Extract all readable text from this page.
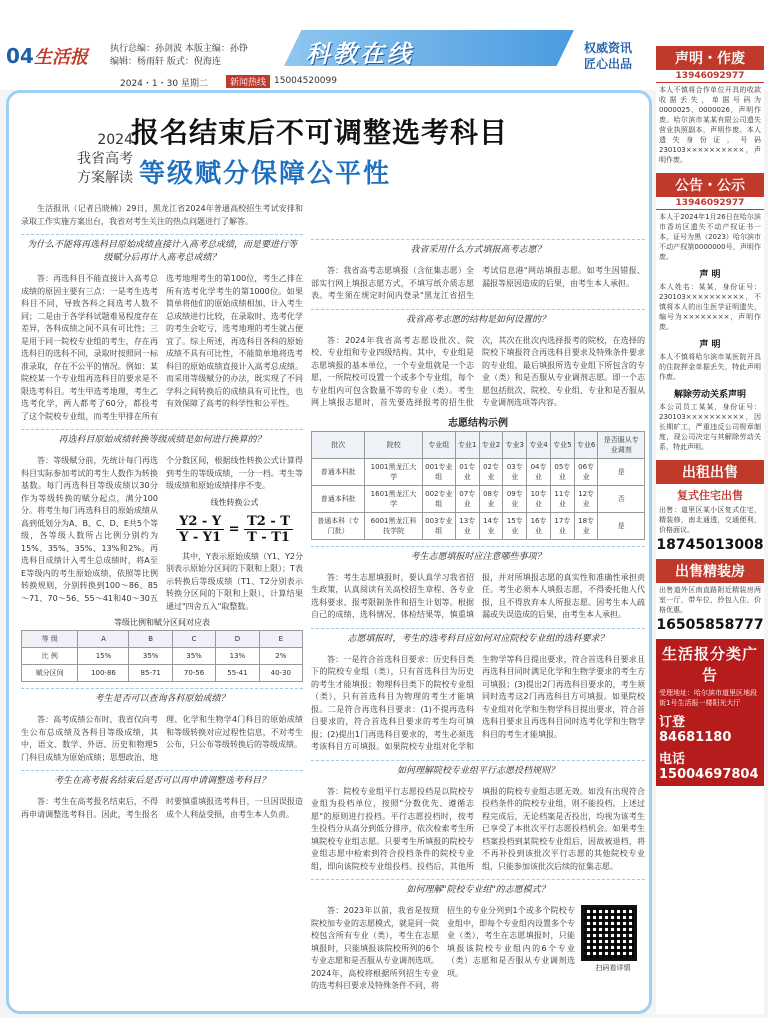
04 生活报 执行总编：孙剑波 本版主编：孙铮
编辑：杨雨轩 版式：倪海连	科教在线	权威资讯
匠心出品
2024・1・30 星期二	新闻热线 15004520099
2024
我省高考
方案解读
报名结束后不可调整选考科目
等级赋分保障公平性
生活报讯（记者吕晓楠）29日，黑龙江省2024年普通高校招生考试安排和录取工作实施方案出台，我省对考生关注的热点问题进行了解答。
为什么不能将再选科目原始成绩直接计入高考总成绩，而是要进行等级赋分后再计入高考总成绩？
答：再选科目不能直接计入高考总成绩的原因主要有三点：一是考生选考科目不同，导致各科之间选考人数不同；二是由于各学科试题难易程度存在差异，各科成绩之间不具有可比性；三是用于同一院校专业组的考生，存在再选科目的选科不同，录取时按照同一标准录取，存在不公平的情况。例如：某院校某一个专业组再选科目的要求是不限选考科目。考生甲选考地理，考生乙选考化学，两人都考了60分，都投考了这个院校专业组，而考生甲排在所有选考地理考生的第100位，考生乙排在所有选考化学考生的第1000位。如果简单将他们的原始成绩相加，计入考生总成绩进行比较，在录取时，选考化学的考生会吃亏，选考地理的考生就占便宜了。综上所述，再选科目各科的原始成绩不具有可比性，不能简单地将选考科目的原始成绩直接计入高考总成绩。而采用等级赋分的办法，既实现了不同学科之间转换后的成绩具有可比性，也有效保障了高考的科学性和公平性。
再选科目原始成绩转换等级成绩是如何进行换算的？
答：等级赋分前，先统计每门再选科目实际参加考试的考生人数作为转换基数。每门再选科目等级成绩以30分作为等级转换的赋分起点，满分100分。将考生每门再选科目的原始成绩从高到低划分为A、B、C、D、E共5个等级，各等级人数所占比例分别约为15%、35%、35%、13%和2%。再选科目成绩计入考生总成绩时，将A至E等级内的考生原始成绩，依照等比例转换规则，分别转换到100～86、85～71、70～56、55～41和40～30五个分数区间，根据线性转换公式计算得到考生的等级成绩，一分一档。考生等级成绩和原始成绩排序不变。
线性转换公式
$\frac{Y2 - Y}{Y - Y1} = \frac{T2 - T}{T - T1}$
其中，Y表示原始成绩（Y1、Y2分别表示原始分区间的下限和上限）；T表示转换后等级成绩（T1、T2分别表示转换分区间的下限和上限），计算结果通过"四舍五入"取整数。
等级比例和赋分区间对应表
等 级	A	B	C	D	E
比 例	15%	35%	35%	13%	2%
赋分区间	100-86	85-71	70-56	55-41	40-30
考生是否可以查询各科原始成绩？
答：高考成绩公布时，我省仅向考生公布总成绩及各科目等级成绩，其中，语文、数学、外语、历史和物理5门科目成绩为原始成绩；思想政治、地理、化学和生物学4门科目的原始成绩和等级转换对应过程性信息，不对考生公布，只公布等级转换后的等级成绩。
考生在高考报名结束后是否可以再申请调整选考科目？
答：考生在高考报名结束后，不得再申请调整选考科目。因此，考生报名时要慎重填报选考科目，一旦因误报造成个人利益受损，由考生本人负责。
我省采用什么方式填报高考志愿？
答：我省高考志愿填报（含征集志愿）全部实行网上填报志愿方式，不填写纸介质志愿表。考生须在规定时间内登录"黑龙江省招生考试信息港"网站填报志愿。如考生因错报、漏报等原因造成的后果，由考生本人承担。
我省高考志愿的结构是如何设置的？
答：2024年我省高考志愿设批次、院校、专业组和专业四级结构。其中，专业组是志愿填报的基本单位，一个专业组就是一个志愿，一所院校可设置一个或多个专业组，每个专业组内可包含数量不等的专业（类）。考生网上填报志愿时，首先要选择报考的招生批次，其次在批次内选择报考的院校，在选择的院校下填报符合再选科目要求及特殊条件要求的专业组，最后填报所选专业组下所包含的专业（类）和是否服从专业调剂志愿。即一个志愿包括批次、院校、专业组、专业和是否服从专业调剂选项等内容。
志愿结构示例
批次	院校	专业组	专业1	专业2	专业3	专业4	专业5	专业6	是否服从专业调剂
普通本科批	1001黑龙江大学	001专业组	01专业	02专业	03专业	04专业	05专业	06专业	是
普通本科批	1601黑龙江大学	002专业组	07专业	08专业	09专业	10专业	11专业	12专业	否
普通本科（专门批）	6001黑龙江科技学院	003专业组	13专业	14专业	15专业	16专业	17专业	18专业	是
考生志愿填报时应注意哪些事项？
答：考生志愿填报时，要认真学习我省招生政策，认真阅读有关高校招生章程、各专业选科要求、报考限制条件和招生计划等。根据自己的成绩、选科情况、体检结果等，慎重填报，并对所填报志愿的真实性和准确性承担责任。考生必须本人填报志愿，不得委托他人代报，且不得放弃本人所报志愿。因考生本人疏漏或失误造成的后果，由考生本人承担。
志愿填报时，考生的选考科目应如何对应院校专业组的选科要求？
答：一是符合首选科目要求：历史科目类下的院校专业组（类），只有首选科目为历史的考生才能填报；物理科目类下的院校专业组（类），只有首选科目为物理的考生才能填报。二是符合再选科目要求：(1)不提再选科目要求的，符合首选科目要求的考生均可填报；(2)提出1门再选科目要求的，考生必须选考该科目方可填报。如果院校专业组对化学和生物学等科目提出要求，符合首选科目要求且再选科目同时满足化学和生物学要求的考生方可填报；(3)提出2门再选科目要求的，考生须同时选考这2门再选科目方可填报。如果院校专业组对化学和生物学科目提出要求，符合首选科目要求且再选科目同时选考化学和生物学科目的考生才能填报。
如何理解院校专业组平行志愿投档规则？
答：院校专业组平行志愿投档是以院校专业组为投档单位，按照"分数优先、遵循志愿"的原则进行投档。平行志愿投档时，按考生投档分从高分到低分排序，依次检索考生所填院校专业组志愿。只要考生所填报的院校专业组志愿中检索到符合投档条件的院校专业组，即向该院校专业组投档。投档后，其他所填报的院校专业组志愿无效。如没有出现符合投档条件的院校专业组，则不能投档。上述过程完成后，无论档案是否投出，均视为该考生已享受了本批次平行志愿投档机会。如果考生档案投档到某院校专业组后，因故被退档，将不再补投到该批次平行志愿的其他院校专业组，只能参加该批次后续的征集志愿。
如何理解"院校专业组"的志愿模式？
答：2023年以前，我省是按照院校加专业的志愿模式，就是同一院校包含所有专业（类），考生在志愿填报时，只能填报该院校所列的6个专业志愿和是否服从专业调剂选项。2024年，高校将根据所列招生专业的选考科目要求及特殊条件不同，将招生的专业分列到1个或多个院校专业组中，即每个专业组内设置多个专业（类），考生在志愿填报时，只能填报该院校专业组内的6个专业（类）志愿和是否服从专业调剂选项。
扫码看详情
声明・作废
13946092977
本人不慎将合作单位开具的收款收据丢失，单据号码为0000025、0000026，声明作废。哈尔滨市某某有限公司遗失营业执照副本，声明作废。本人遗失身份证，号码230103××××××××××，声明作废。
公告・公示
13946092977
本人于2024年1月26日在哈尔滨市香坊区遗失不动产权证书一本，证号为黑（2023）哈尔滨市不动产权第0000000号，声明作废。
声 明
本人姓名：某某，身份证号：230103××××××××××，不慎将本人的出生医学证明遗失，编号为××××××××，声明作废。
声 明
本人不慎将哈尔滨市某医院开具的住院押金单据丢失，特此声明作废。
解除劳动关系声明
本公司员工某某，身份证号：230103××××××××××，因长期旷工，严重违反公司规章制度，现公司决定与其解除劳动关系，特此声明。
出租出售
复式住宅出售
出售：道里区某小区复式住宅，精装修，南北通透，交通便利，价格面议。
18745013008
出售精装房
出售道外区南直路附近精装房两室一厅，带车位，拎包入住，价格优惠。
16505858777
生活报分类广告
受理地址：哈尔滨市道里区地段街1号生活报一楼阳光大厅
订登 84681180
电话 15004697804
